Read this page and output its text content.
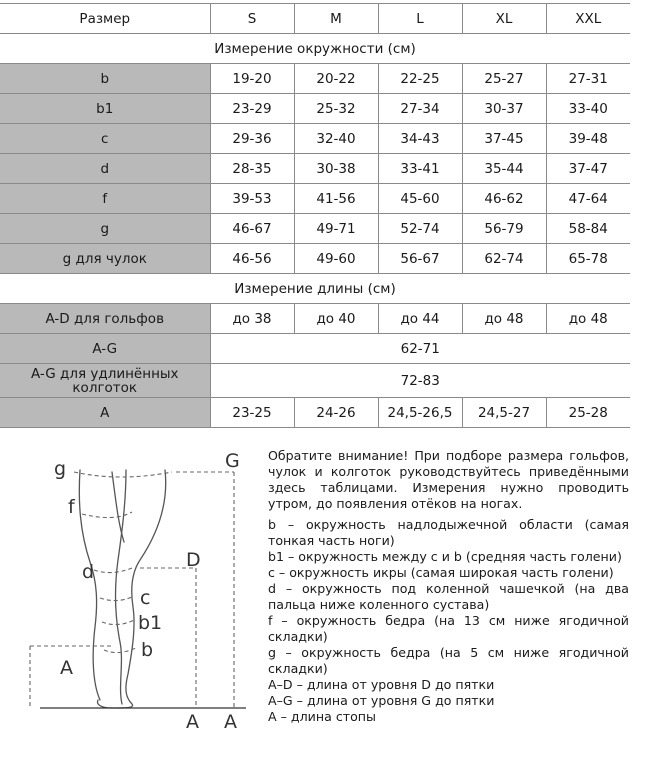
Размер	S	M	L	XL	XXL
Измерение окружности (см)					
b	19-20	20-22	22-25	25-27	27-31
b1	23-29	25-32	27-34	30-37	33-40
c	29-36	32-40	34-43	37-45	39-48
d	28-35	30-38	33-41	35-44	37-47
f	39-53	41-56	45-60	46-62	47-64
g	46-67	49-71	52-74	56-79	58-84
g для чулок	46-56	49-60	56-67	62-74	65-78
Измерение длины (см)					
A-D для гольфов	до 38	до 40	до 44	до 48	до 48
A-G	62-71				
A-G для удлинённых колготок	72-83				
A	23-25	24-26	24,5-26,5	24,5-27	25-28
g
f
d
c
b1
b
G
D
A
A A

Обратите внимание! При подборе размера гольфов, чулок и колготок руководствуйтесь приведёнными здесь таблицами. Измерения нужно проводить утром, до появления отёков на ногах.

b – окружность надлодыжечной области (самая тонкая часть ноги)

b1 – окружность между c и b (средняя часть голени)

c – окружность икры (самая широкая часть голени)

d – окружность под коленной чашечкой (на два пальца ниже коленного сустава)

f – окружность бедра (на 13 см ниже ягодичной складки)

g – окружность бедра (на 5 см ниже ягодичной складки)

A–D – длина от уровня D до пятки

A–G – длина от уровня G до пятки

A – длина стопы
